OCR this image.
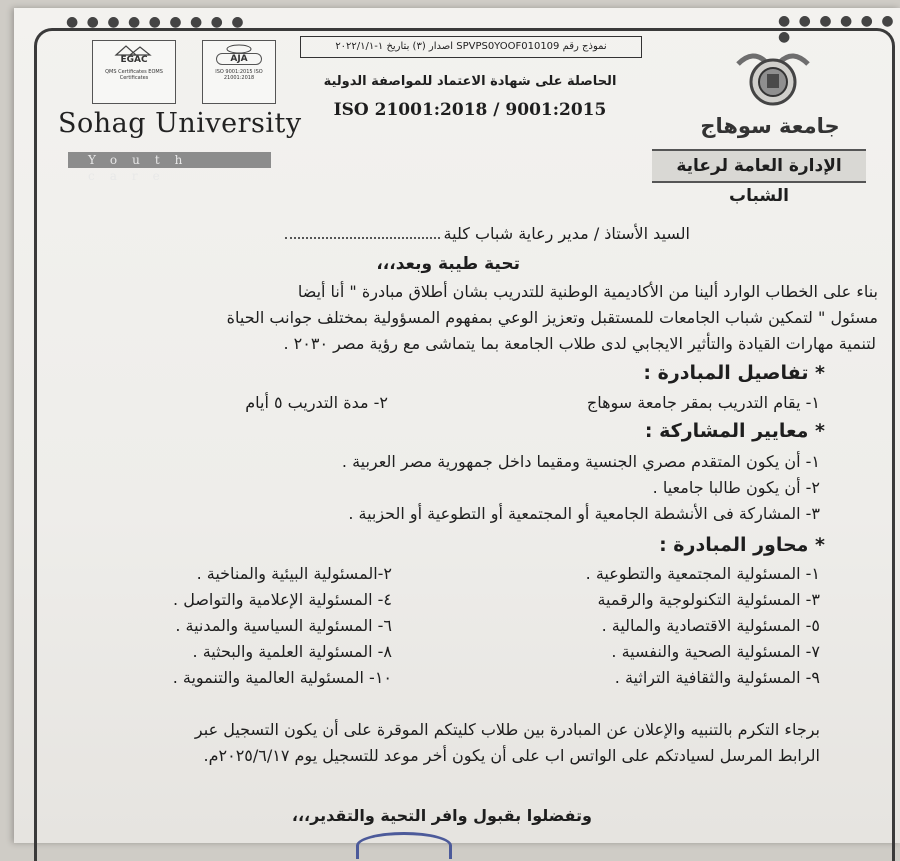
● ● ● ● ● ● ● ● ●	● ● ● ● ● ● ●
EGAC
QMS Certificates EOMS Certificates
AJA
ISO 9001:2015 ISO 21001:2018
Sohag University
Youth care
نموذج رقم SPVPS0YOOF010109 اصدار (٣) بتاريخ ١-٢٠٢٢/١/١
الحاصلة على شهادة الاعتماد للمواصفة الدولية
ISO 21001:2018 / 9001:2015
جامعة سوهاج
الإدارة العامة لرعاية الشباب
السيد الأستاذ / مدير رعاية شباب كلية
تحية طيبة وبعد،،،
بناء على الخطاب الوارد ألينا من الأكاديمية الوطنية للتدريب بشان أطلاق مبادرة " أنا أيضا
مسئول " لتمكين شباب الجامعات للمستقبل وتعزيز الوعي بمفهوم المسؤولية بمختلف جوانب الحياة
لتنمية مهارات القيادة والتأثير الايجابي لدى طلاب الجامعة بما يتماشى مع رؤية مصر ٢٠٣٠ .
* تفاصيل المبادرة :
١- يقام التدريب بمقر جامعة سوهاج
٢- مدة التدريب ٥ أيام
* معايير المشاركة :
١- أن يكون المتقدم مصري الجنسية ومقيما داخل جمهورية مصر العربية .
٢- أن يكون طالبا جامعيا .
٣- المشاركة فى الأنشطة الجامعية أو المجتمعية أو التطوعية أو الحزبية .
* محاور المبادرة :
١- المسئولية المجتمعية والتطوعية .
٣- المسئولية التكنولوجية والرقمية
٥- المسئولية الاقتصادية والمالية .
٧- المسئولية الصحية والنفسية .
٩- المسئولية والثقافية التراثية .
٢-المسئولية البيئية والمناخية .
٤- المسئولية الإعلامية والتواصل .
٦- المسئولية السياسية والمدنية .
٨- المسئولية العلمية والبحثية .
١٠- المسئولية العالمية والتنموية .
برجاء التكرم بالتنبيه والإعلان عن المبادرة بين طلاب كليتكم الموقرة على أن يكون التسجيل عبر
الرابط المرسل لسيادتكم على الواتس اب على أن يكون أخر موعد للتسجيل يوم ٢٠٢٥/٦/١٧م.
وتفضلوا بقبول وافر التحية والتقدير،،،
